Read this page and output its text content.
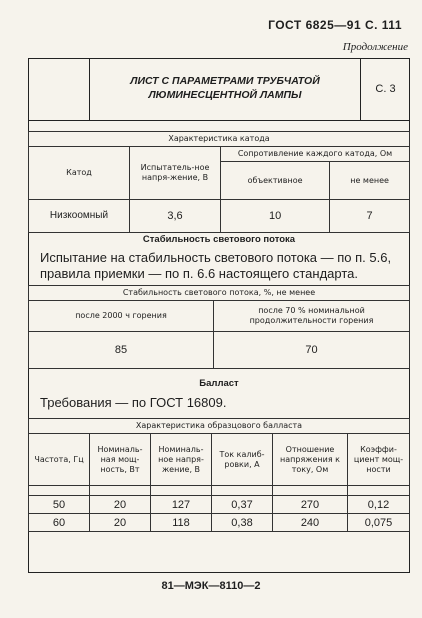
ГОСТ 6825—91 С. 111
Продолжение
ЛИСТ С ПАРАМЕТРАМИ ТРУБЧАТОЙ
ЛЮМИНЕСЦЕНТНОЙ ЛАМПЫ	С. 3
Характеристика катода			
Катод	Испытатель-ное напря-жение, В	Сопротивление каждого катода, Ом	
		объективное	не менее
Низкоомный	3,6	10	7
Стабильность светового потока
Испытание на стабильность светового потока — по п. 5.6, правила приемки — по п. 6.6 настоящего стандарта.
Стабильность светового потока, %, не менее	
после 2000 ч горения	после 70 % номинальной продолжительности горения
85	70
Балласт
Требования — по ГОСТ 16809.
Характеристика образцового балласта					
Частота, Гц	Номиналь-ная мощ-ность, Вт	Номиналь-ное напря-жение, В	Ток калиб-ровки, А	Отношение напряжения к току, Ом	Коэффи-циент мощ-ности

50	20	127	0,37	270	0,12
60	20	118	0,38	240	0,075
81—МЭК—8110—2
